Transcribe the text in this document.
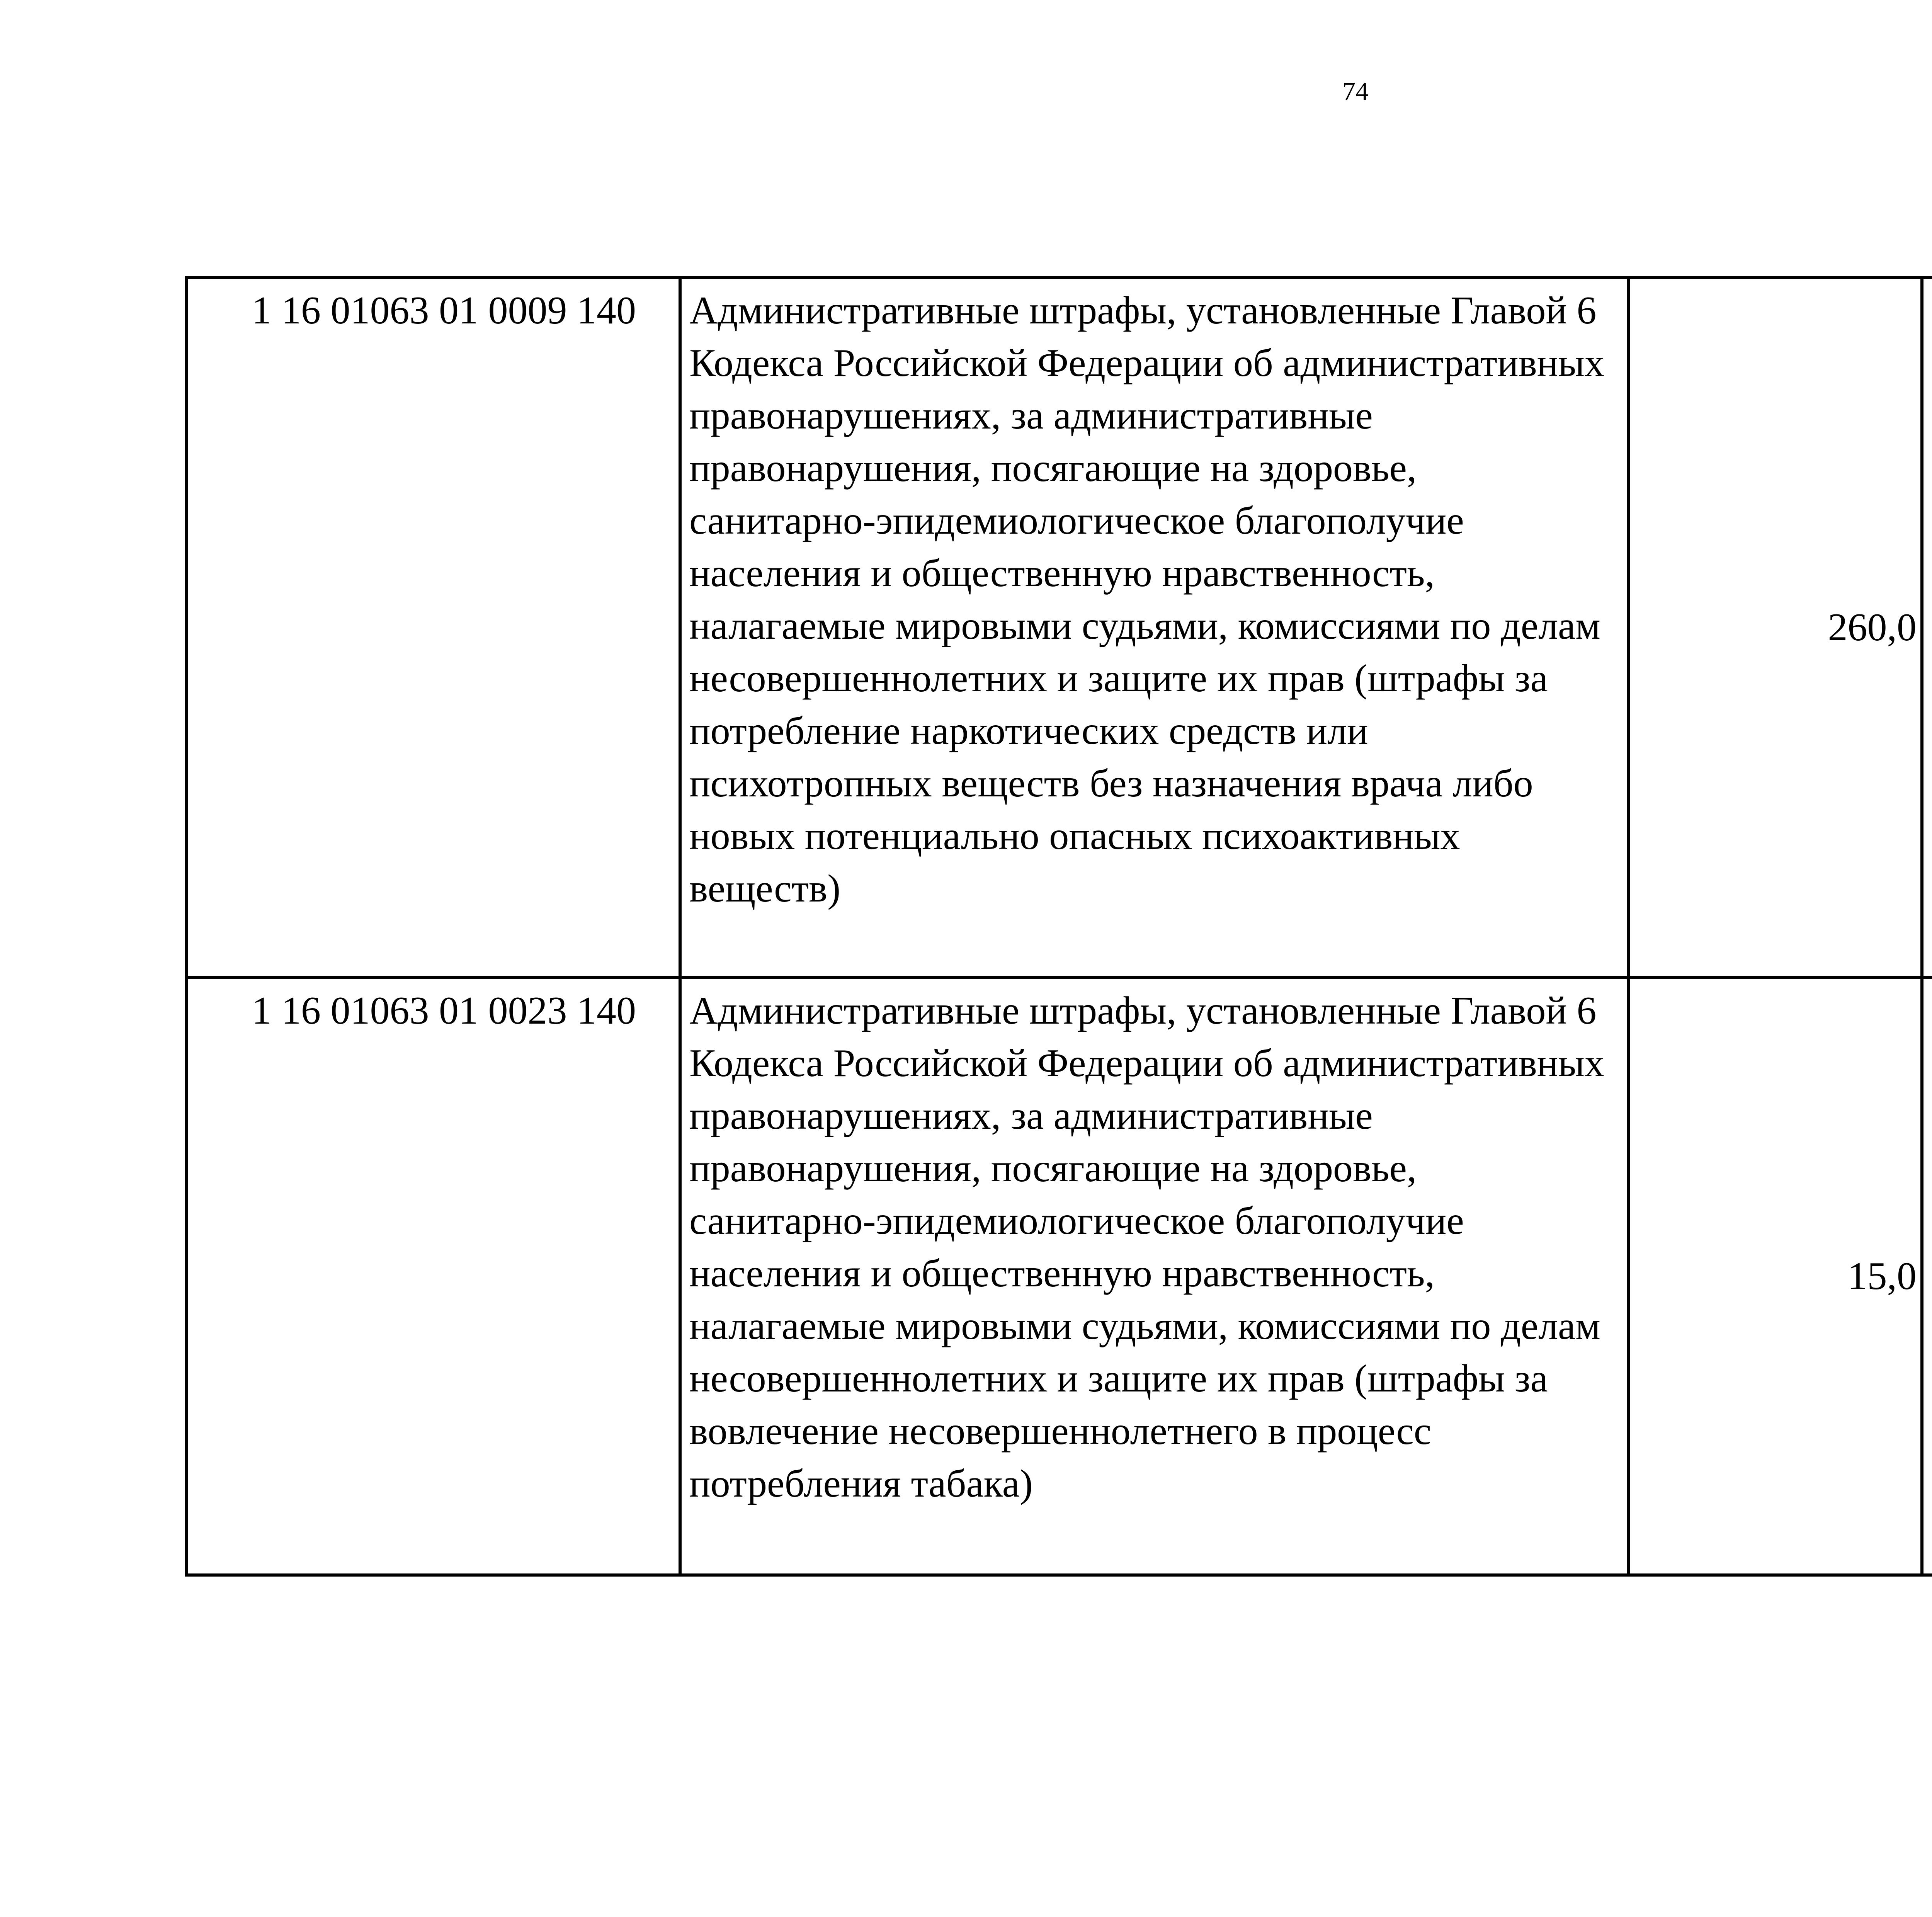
74
1 16 01063 01 0009 140	Административные штрафы, установленные Главой 6 Кодекса Российской Федерации об административных правонарушениях, за административные правонарушения, посягающие на здоровье, санитарно-эпидемиологическое благополучие населения и общественную нравственность, налагаемые мировыми судьями, комиссиями по делам несовершеннолетних и защите их прав (штрафы за потребление наркотических средств или психотропных веществ без назначения врача либо новых потенциально опасных психоактивных веществ)	260,0		
1 16 01063 01 0023 140	Административные штрафы, установленные Главой 6 Кодекса Российской Федерации об административных правонарушениях, за административные правонарушения, посягающие на здоровье, санитарно-эпидемиологическое благополучие населения и общественную нравственность, налагаемые мировыми судьями, комиссиями по делам несовершеннолетних и защите их прав (штрафы за вовлечение несовершеннолетнего в процесс потребления табака)	15,0		
